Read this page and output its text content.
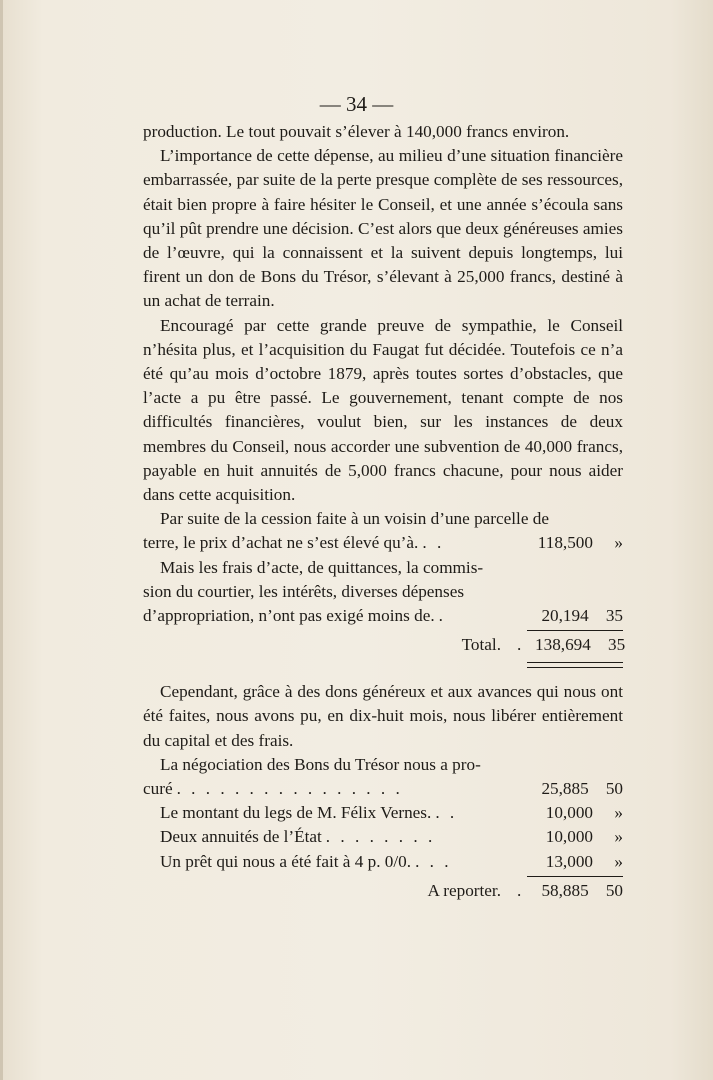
— 34 —

production. Le tout pouvait s’élever à 140,000 francs environ.

L’importance de cette dépense, au milieu d’une situation financière embarrassée, par suite de la perte presque complète de ses ressources, était bien propre à faire hésiter le Conseil, et une année s’écoula sans qu’il pût prendre une décision. C’est alors que deux généreuses amies de l’œuvre, qui la connaissent et la suivent depuis longtemps, lui firent un don de Bons du Trésor, s’élevant à 25,000 francs, destiné à un achat de terrain.

Encouragé par cette grande preuve de sympathie, le Conseil n’hésita plus, et l’acquisition du Faugat fut décidée. Toutefois ce n’a été qu’au mois d’octobre 1879, après toutes sortes d’obstacles, que l’acte a pu être passé. Le gouvernement, tenant compte de nos difficultés financières, voulut bien, sur les instances de deux membres du Conseil, nous accorder une subvention de 40,000 francs, payable en huit annuités de 5,000 francs chacune, pour nous aider dans cette acquisition.

Par suite de la cession faite à un voisin d’une parcelle de

terre, le prix d’achat ne s’est élevé qu’à. . .	118,500 »
Mais les frais d’acte, de quittances, la commis-
sion du courtier, les intérêts, diverses dépenses
d’appropriation, n’ont pas exigé moins de. .	20,194 35
Total. . 138,694 35

Cependant, grâce à des dons généreux et aux avances qui nous ont été faites, nous avons pu, en dix-huit mois, nous libérer entièrement du capital et des frais.

La négociation des Bons du Trésor nous a pro-
curé . . . . . . . . . . . . . . . .	25,885 50
Le montant du legs de M. Félix Vernes. . .	10,000 »
Deux annuités de l’État . . . . . . . .	10,000 »
Un prêt qui nous a été fait à 4 p. 0/0. . . .	13,000 »
A reporter. . 58,885 50
